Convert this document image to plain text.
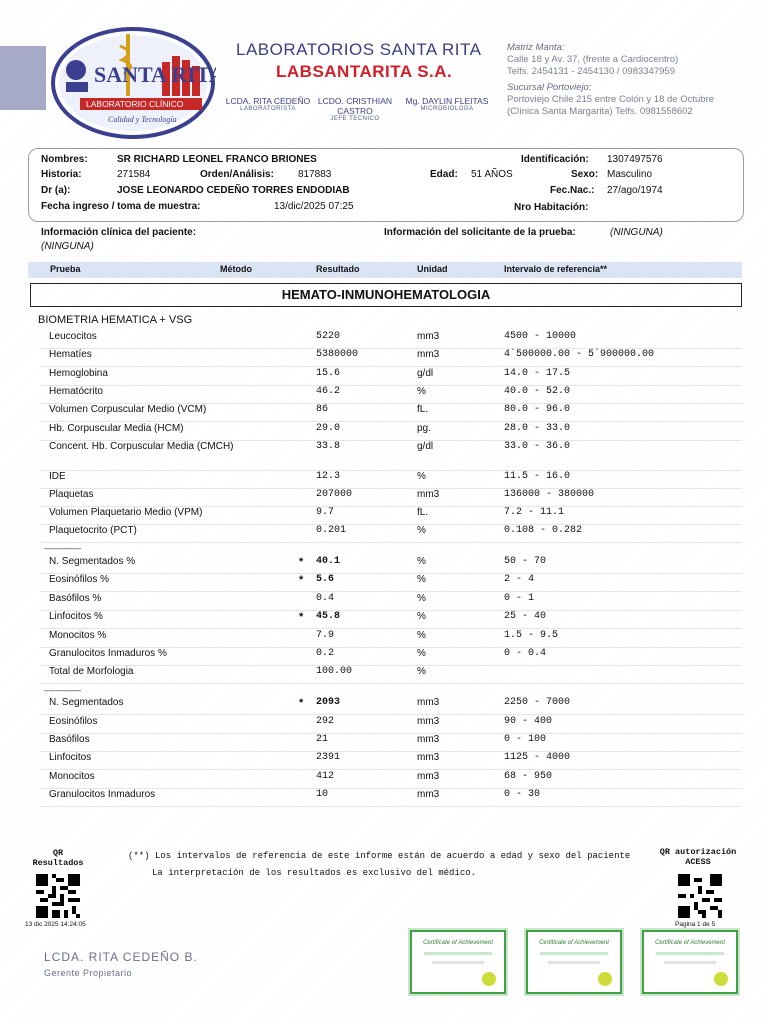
SANTA RITA
LABORATORIO CLÍNICO
Calidad y Tecnología
LABORATORIOS SANTA RITA
LABSANTARITA S.A.
LCDA. RITA CEDEÑO
LABORATORISTA
LCDO. CRISTHIAN CASTRO
JEFE TECNICO
Mg. DAYLIN FLEITAS
MICROBIOLOGA
Matriz Manta:
Calle 18 y Av. 37, (frente a Cardiocentro)
Telfs. 2454131 - 2454130 / 0983347959
Sucursal Portoviejo:
Portoviejo Chile 215 entre Colón y 18 de Octubre
(Clínica Santa Margarita) Telfs. 0981558602
Nombres:	SR RICHARD LEONEL FRANCO BRIONES	Identificación: 1307497576
Historia:	271584	Orden/Análisis: 817883	Edad: 51 AÑOS	Sexo: Masculino
Dr (a):	JOSE LEONARDO CEDEÑO TORRES ENDODIAB	Fec.Nac.: 27/ago/1974
Fecha ingreso / toma de muestra:	13/dic/2025 07:25	Nro Habitación:
Información clínica del paciente:
(NINGUNA)
Información del solicitante de la prueba:	(NINGUNA)
Prueba	Método	Resultado	Unidad	Intervalo de referencia**
HEMATO-INMUNOHEMATOLOGIA
BIOMETRIA HEMATICA + VSG
Leucocitos	5220	mm3	4500 - 10000
Hematíes	5380000	mm3	4`500000.00 - 5`900000.00
Hemoglobina	15.6	g/dl	14.0 - 17.5
Hematócrito	46.2	%	40.0 - 52.0
Volumen Corpuscular Medio (VCM)	86	fL.	80.0 - 96.0
Hb. Corpuscular Media (HCM)	29.0	pg.	28.0 - 33.0
Concent. Hb. Corpuscular Media (CMCH)	33.8	g/dl	33.0 - 36.0
IDE	12.3	%	11.5 - 16.0
Plaquetas	207000	mm3	136000 - 380000
Volumen Plaquetario Medio (VPM)	9.7	fL.	7.2 - 11.1
Plaquetocrito (PCT)	0.201	%	0.108 - 0.282
N. Segmentados %	* 40.1	%	50 - 70
Eosinófilos %	* 5.6	%	2 - 4
Basófilos %	0.4	%	0 - 1
Linfocitos %	* 45.8	%	25 - 40
Monocitos %	7.9	%	1.5 - 9.5
Granulocitos Inmaduros %	0.2	%	0 - 0.4
Total de Morfologia	100.00	%
N. Segmentados	* 2093	mm3	2250 - 7000
Eosinófilos	292	mm3	90 - 400
Basófilos	21	mm3	0 - 100
Linfocitos	2391	mm3	1125 - 4000
Monocitos	412	mm3	68 - 950
Granulocitos Inmaduros	10	mm3	0 - 30
-----------------
-----------------
QR Resultados
13 dic 2025 14:24:05
(**) Los intervalos de referencia de este informe están de acuerdo a edad y sexo del paciente
La interpretación de los resultados es exclusivo del médico.
QR autorización ACESS
Pagina 1 de 5
LCDA. RITA CEDEÑO B.
Gerente Propietario
Certificate of Achievement	Certificate of Achievement	Certificate of Achievement
